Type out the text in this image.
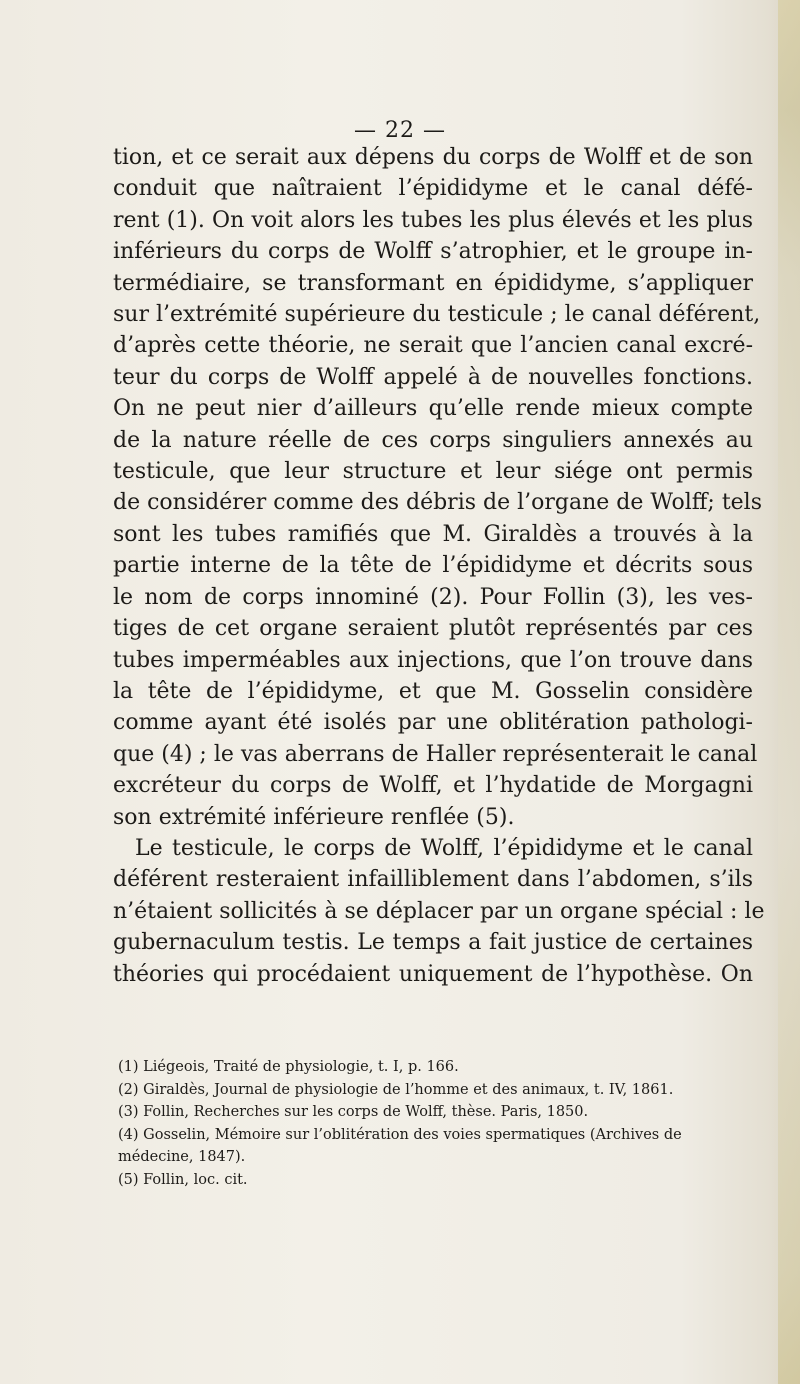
— 22 —

tion, et ce serait aux dépens du corps de Wolff et de son
conduit que naîtraient l’épididyme et le canal défé-
rent (1). On voit alors les tubes les plus élevés et les plus
inférieurs du corps de Wolff s’atrophier, et le groupe in-
termédiaire, se transformant en épididyme, s’appliquer
sur l’extrémité supérieure du testicule ; le canal déférent,
d’après cette théorie, ne serait que l’ancien canal excré-
teur du corps de Wolff appelé à de nouvelles fonctions.
On ne peut nier d’ailleurs qu’elle rende mieux compte
de la nature réelle de ces corps singuliers annexés au
testicule, que leur structure et leur siége ont permis
de considérer comme des débris de l’organe de Wolff; tels
sont les tubes ramifiés que M. Giraldès a trouvés à la
partie interne de la tête de l’épididyme et décrits sous
le nom de corps innominé (2). Pour Follin (3), les ves-
tiges de cet organe seraient plutôt représentés par ces
tubes imperméables aux injections, que l’on trouve dans
la tête de l’épididyme, et que M. Gosselin considère
comme ayant été isolés par une oblitération pathologi-
que (4) ; le vas aberrans de Haller représenterait le canal
excréteur du corps de Wolff, et l’hydatide de Morgagni
son extrémité inférieure renflée (5).
Le testicule, le corps de Wolff, l’épididyme et le canal
déférent resteraient infailliblement dans l’abdomen, s’ils
n’étaient sollicités à se déplacer par un organe spécial : le
gubernaculum testis. Le temps a fait justice de certaines
théories qui procédaient uniquement de l’hypothèse. On
(1) Liégeois, Traité de physiologie, t. I, p. 166.
(2) Giraldès, Journal de physiologie de l’homme et des animaux, t. IV, 1861.
(3) Follin, Recherches sur les corps de Wolff, thèse. Paris, 1850.
(4) Gosselin, Mémoire sur l’oblitération des voies spermatiques (Archives de
médecine, 1847).
(5) Follin, loc. cit.
